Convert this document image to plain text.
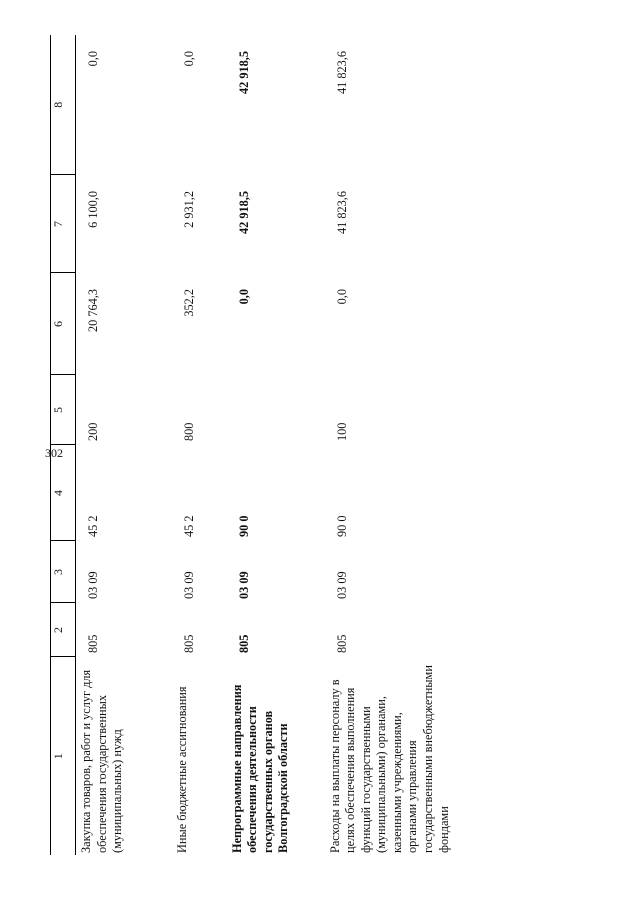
302
1	2	3	4	5	6	7	8
Закупка товаров, работ и услуг для обеспечения государственных (муниципальных) нужд	805	03 09	45 2	200	20 764,3	6 100,0	0,0
Иные бюджетные ассигнования	805	03 09	45 2	800	352,2	2 931,2	0,0
Непрограммные направления обеспечения деятельности государственных органов Волгоградской области	805	03 09	90 0		0,0	42 918,5	42 918,5
Расходы на выплаты персоналу в целях обеспечения выполнения функций государственными (муниципальными) органами, казенными учреждениями, органами управления государственными внебюджетными фондами	805	03 09	90 0	100	0,0	41 823,6	41 823,6
